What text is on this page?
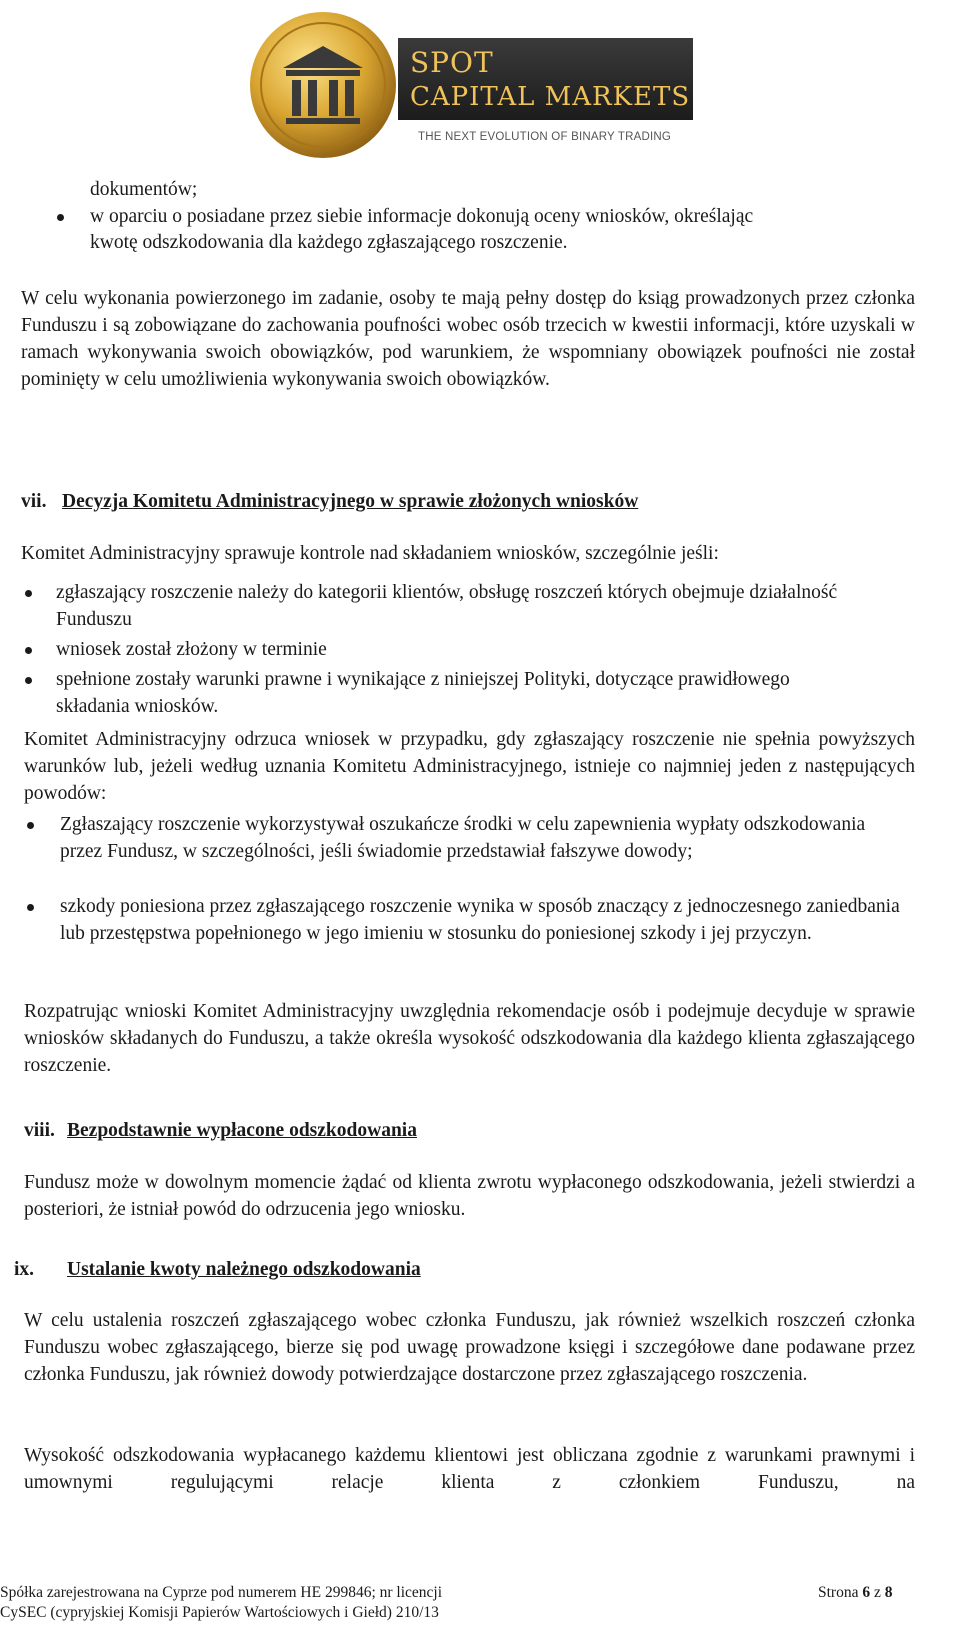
SPOT
CAPITAL MARKETS
THE NEXT EVOLUTION OF BINARY TRADING
dokumentów;
w oparciu o posiadane przez siebie informacje dokonują oceny wniosków, określając
kwotę odszkodowania dla każdego zgłaszającego roszczenie.

W celu wykonania powierzonego im zadanie, osoby te mają pełny dostęp do ksiąg prowadzonych przez członka Funduszu i są zobowiązane do zachowania poufności wobec osób trzecich w kwestii informacji, które uzyskali w ramach wykonywania swoich obowiązków, pod warunkiem, że wspomniany obowiązek poufności nie został pominięty w celu umożliwienia wykonywania swoich obowiązków.

vii. Decyzja Komitetu Administracyjnego w sprawie złożonych wniosków
Komitet Administracyjny sprawuje kontrole nad składaniem wniosków, szczególnie jeśli:
zgłaszający roszczenie należy do kategorii klientów, obsługę roszczeń których obejmuje działalność Funduszu
wniosek został złożony w terminie
spełnione zostały warunki prawne i wynikające z niniejszej Polityki, dotyczące prawidłowego składania wniosków.

Komitet Administracyjny odrzuca wniosek w przypadku, gdy zgłaszający roszczenie nie spełnia powyższych warunków lub, jeżeli według uznania Komitetu Administracyjnego, istnieje co najmniej jeden z następujących powodów:

Zgłaszający roszczenie wykorzystywał oszukańcze środki w celu zapewnienia wypłaty odszkodowania przez Fundusz, w szczególności, jeśli świadomie przedstawiał fałszywe dowody;
szkody poniesiona przez zgłaszającego roszczenie wynika w sposób znaczący z jednoczesnego zaniedbania lub przestępstwa popełnionego w jego imieniu w stosunku do poniesionej szkody i jej przyczyn.

Rozpatrując wnioski Komitet Administracyjny uwzględnia rekomendacje osób i podejmuje decyduje w sprawie wniosków składanych do Funduszu, a także określa wysokość odszkodowania dla każdego klienta zgłaszającego roszczenie.

viii. Bezpodstawnie wypłacone odszkodowania

Fundusz może w dowolnym momencie żądać od klienta zwrotu wypłaconego odszkodowania, jeżeli stwierdzi a posteriori, że istniał powód do odrzucenia jego wniosku.

ix. Ustalanie kwoty należnego odszkodowania

W celu ustalenia roszczeń zgłaszającego wobec członka Funduszu, jak również wszelkich roszczeń członka Funduszu wobec zgłaszającego, bierze się pod uwagę prowadzone księgi i szczegółowe dane podawane przez członka Funduszu, jak również dowody potwierdzające dostarczone przez zgłaszającego roszczenia.

Wysokość odszkodowania wypłacanego każdemu klientowi jest obliczana zgodnie z warunkami prawnymi i umownymi regulującymi relacje klienta z członkiem Funduszu, na

Spółka zarejestrowana na Cyprze pod numerem HE 299846; nr licencji
CySEC (cypryjskiej Komisji Papierów Wartościowych i Giełd) 210/13
Strona 6 z 8
